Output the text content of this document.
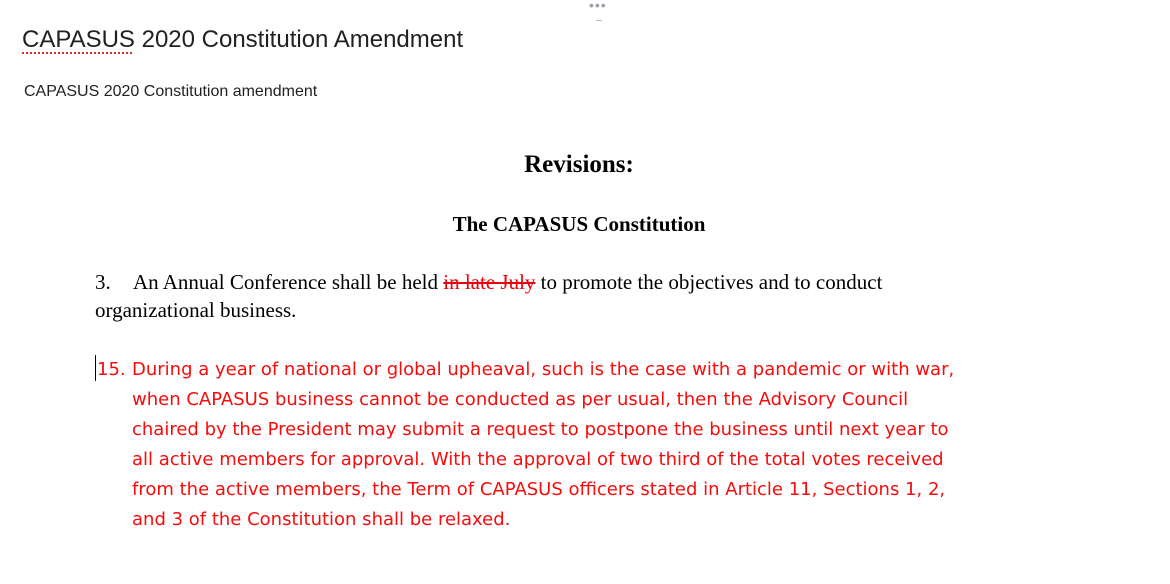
•••
CAPASUS 2020 Constitution Amendment
CAPASUS 2020 Constitution amendment
Revisions:
The CAPASUS Constitution
3. An Annual Conference shall be held in late July to promote the objectives and to conduct
organizational business.
15. During a year of national or global upheaval, such is the case with a pandemic or with war,
when CAPASUS business cannot be conducted as per usual, then the Advisory Council
chaired by the President may submit a request to postpone the business until next year to
all active members for approval. With the approval of two third of the total votes received
from the active members, the Term of CAPASUS officers stated in Article 11, Sections 1, 2,
and 3 of the Constitution shall be relaxed.
